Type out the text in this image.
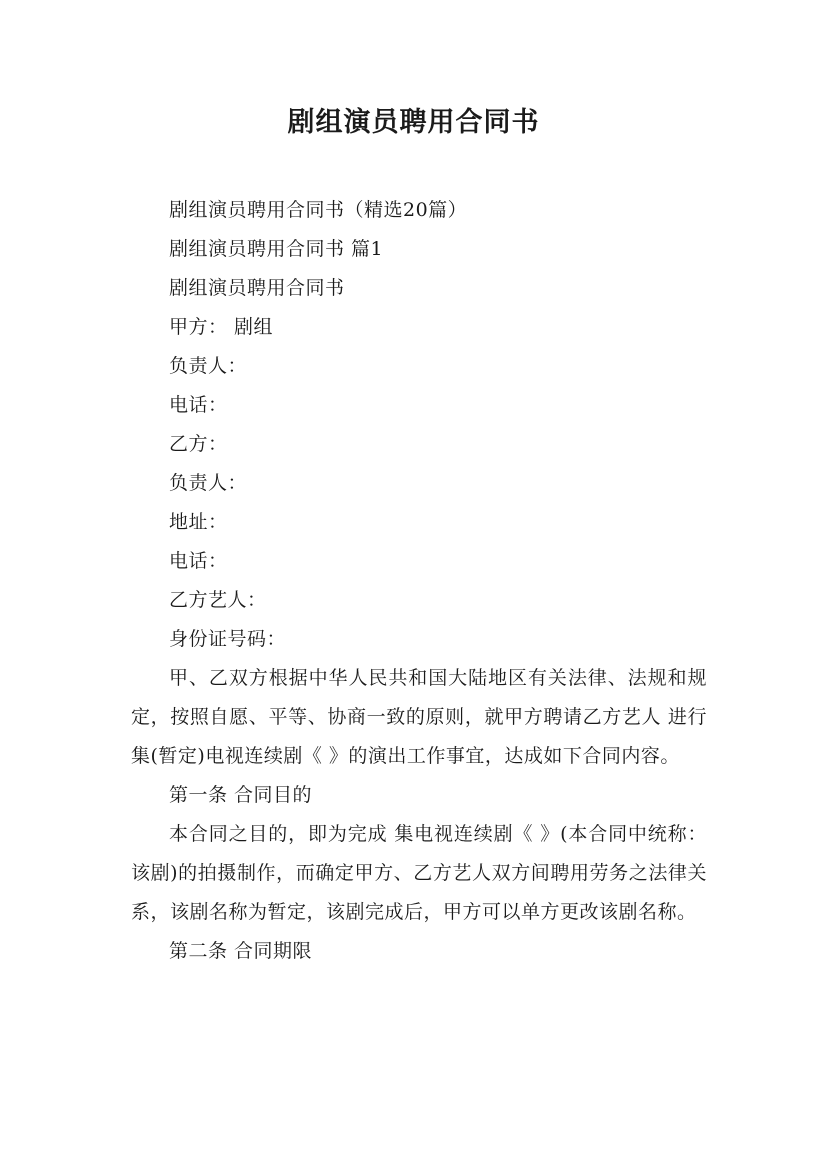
剧组演员聘用合同书

剧组演员聘用合同书（精选20篇）

剧组演员聘用合同书 篇1

剧组演员聘用合同书

甲方： 剧组

负责人：

电话：

乙方：

负责人：

地址：

电话：

乙方艺人：

身份证号码：

甲、乙双方根据中华人民共和国大陆地区有关法律、法规和规定，按照自愿、平等、协商一致的原则，就甲方聘请乙方艺人 进行 集(暂定)电视连续剧《 》的演出工作事宜，达成如下合同内容。

第一条 合同目的

本合同之目的，即为完成 集电视连续剧《 》(本合同中统称：该剧)的拍摄制作，而确定甲方、乙方艺人双方间聘用劳务之法律关系，该剧名称为暂定，该剧完成后，甲方可以单方更改该剧名称。

第二条 合同期限
